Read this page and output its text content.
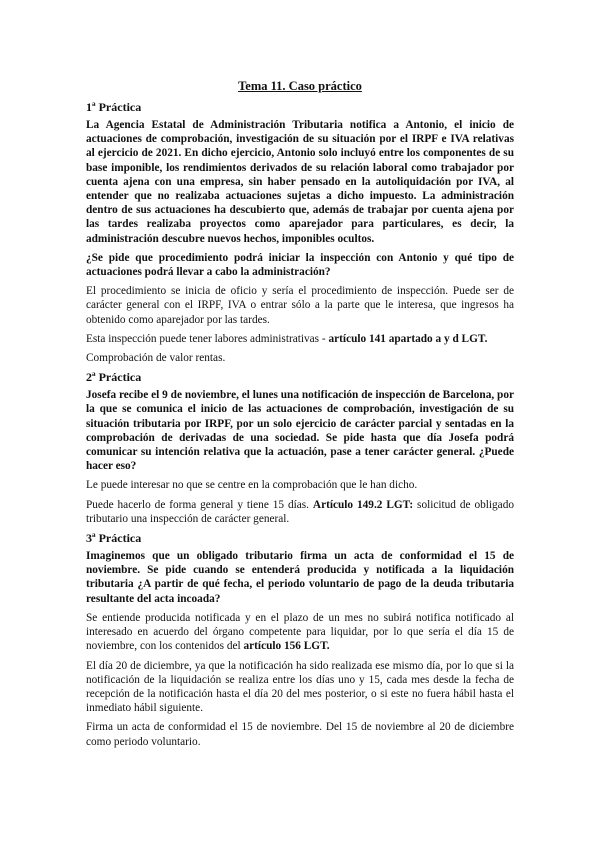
Tema 11. Caso práctico
1ª Práctica

La Agencia Estatal de Administración Tributaria notifica a Antonio, el inicio de actuaciones de comprobación, investigación de su situación por el IRPF e IVA relativas al ejercicio de 2021. En dicho ejercicio, Antonio solo incluyó entre los componentes de su base imponible, los rendimientos derivados de su relación laboral como trabajador por cuenta ajena con una empresa, sin haber pensado en la autoliquidación por IVA, al entender que no realizaba actuaciones sujetas a dicho impuesto. La administración dentro de sus actuaciones ha descubierto que, además de trabajar por cuenta ajena por las tardes realizaba proyectos como aparejador para particulares, es decir, la administración descubre nuevos hechos, imponibles ocultos.

¿Se pide que procedimiento podrá iniciar la inspección con Antonio y qué tipo de actuaciones podrá llevar a cabo la administración?

El procedimiento se inicia de oficio y sería el procedimiento de inspección. Puede ser de carácter general con el IRPF, IVA o entrar sólo a la parte que le interesa, que ingresos ha obtenido como aparejador por las tardes.

Esta inspección puede tener labores administrativas - artículo 141 apartado a y d LGT.

Comprobación de valor rentas.

2ª Práctica

Josefa recibe el 9 de noviembre, el lunes una notificación de inspección de Barcelona, por la que se comunica el inicio de las actuaciones de comprobación, investigación de su situación tributaria por IRPF, por un solo ejercicio de carácter parcial y sentadas en la comprobación de derivadas de una sociedad. Se pide hasta que día Josefa podrá comunicar su intención relativa que la actuación, pase a tener carácter general. ¿Puede hacer eso?

Le puede interesar no que se centre en la comprobación que le han dicho.

Puede hacerlo de forma general y tiene 15 días. Artículo 149.2 LGT: solicitud de obligado tributario una inspección de carácter general.

3ª Práctica

Imaginemos que un obligado tributario firma un acta de conformidad el 15 de noviembre. Se pide cuando se entenderá producida y notificada a la liquidación tributaria ¿A partir de qué fecha, el periodo voluntario de pago de la deuda tributaria resultante del acta incoada?

Se entiende producida notificada y en el plazo de un mes no subirá notifica notificado al interesado en acuerdo del órgano competente para liquidar, por lo que sería el día 15 de noviembre, con los contenidos del artículo 156 LGT.

El día 20 de diciembre, ya que la notificación ha sido realizada ese mismo día, por lo que si la notificación de la liquidación se realiza entre los días uno y 15, cada mes desde la fecha de recepción de la notificación hasta el día 20 del mes posterior, o si este no fuera hábil hasta el inmediato hábil siguiente.

Firma un acta de conformidad el 15 de noviembre. Del 15 de noviembre al 20 de diciembre como periodo voluntario.
